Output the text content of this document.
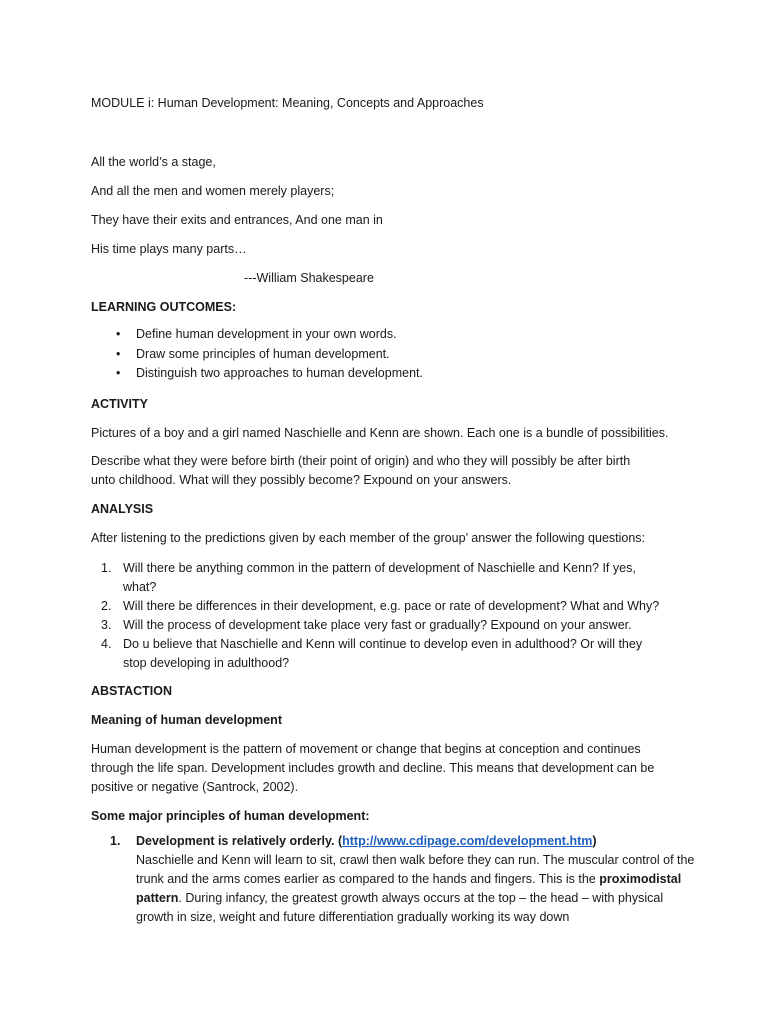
MODULE i: Human Development: Meaning, Concepts and Approaches

All the world’s a stage,

And all the men and women merely players;

They have their exits and entrances, And one man in

His time plays many parts…

---William Shakespeare

LEARNING OUTCOMES:

• Define human development in your own words.
• Draw some principles of human development.
• Distinguish two approaches to human development.

ACTIVITY

Pictures of a boy and a girl named Naschielle and Kenn are shown. Each one is a bundle of possibilities.

Describe what they were before birth (their point of origin) and who they will possibly be after birth

unto childhood. What will they possibly become? Expound on your answers.

ANALYSIS

After listening to the predictions given by each member of the group’ answer the following questions:

1. Will there be anything common in the pattern of development of Naschielle and Kenn? If yes, what?
2. Will there be differences in their development, e.g. pace or rate of development? What and Why?
3. Will the process of development take place very fast or gradually? Expound on your answer.
4. Do u believe that Naschielle and Kenn will continue to develop even in adulthood? Or will they stop developing in adulthood?

ABSTACTION

Meaning of human development

Human development is the pattern of movement or change that begins at conception and continues through the life span. Development includes growth and decline. This means that development can be positive or negative (Santrock, 2002).

Some major principles of human development:

1. Development is relatively orderly. (http://www.cdipage.com/development.htm)
Naschielle and Kenn will learn to sit, crawl then walk before they can run. The muscular control of the trunk and the arms comes earlier as compared to the hands and fingers. This is the proximodistal pattern. During infancy, the greatest growth always occurs at the top – the head – with physical growth in size, weight and future differentiation gradually working its way down
